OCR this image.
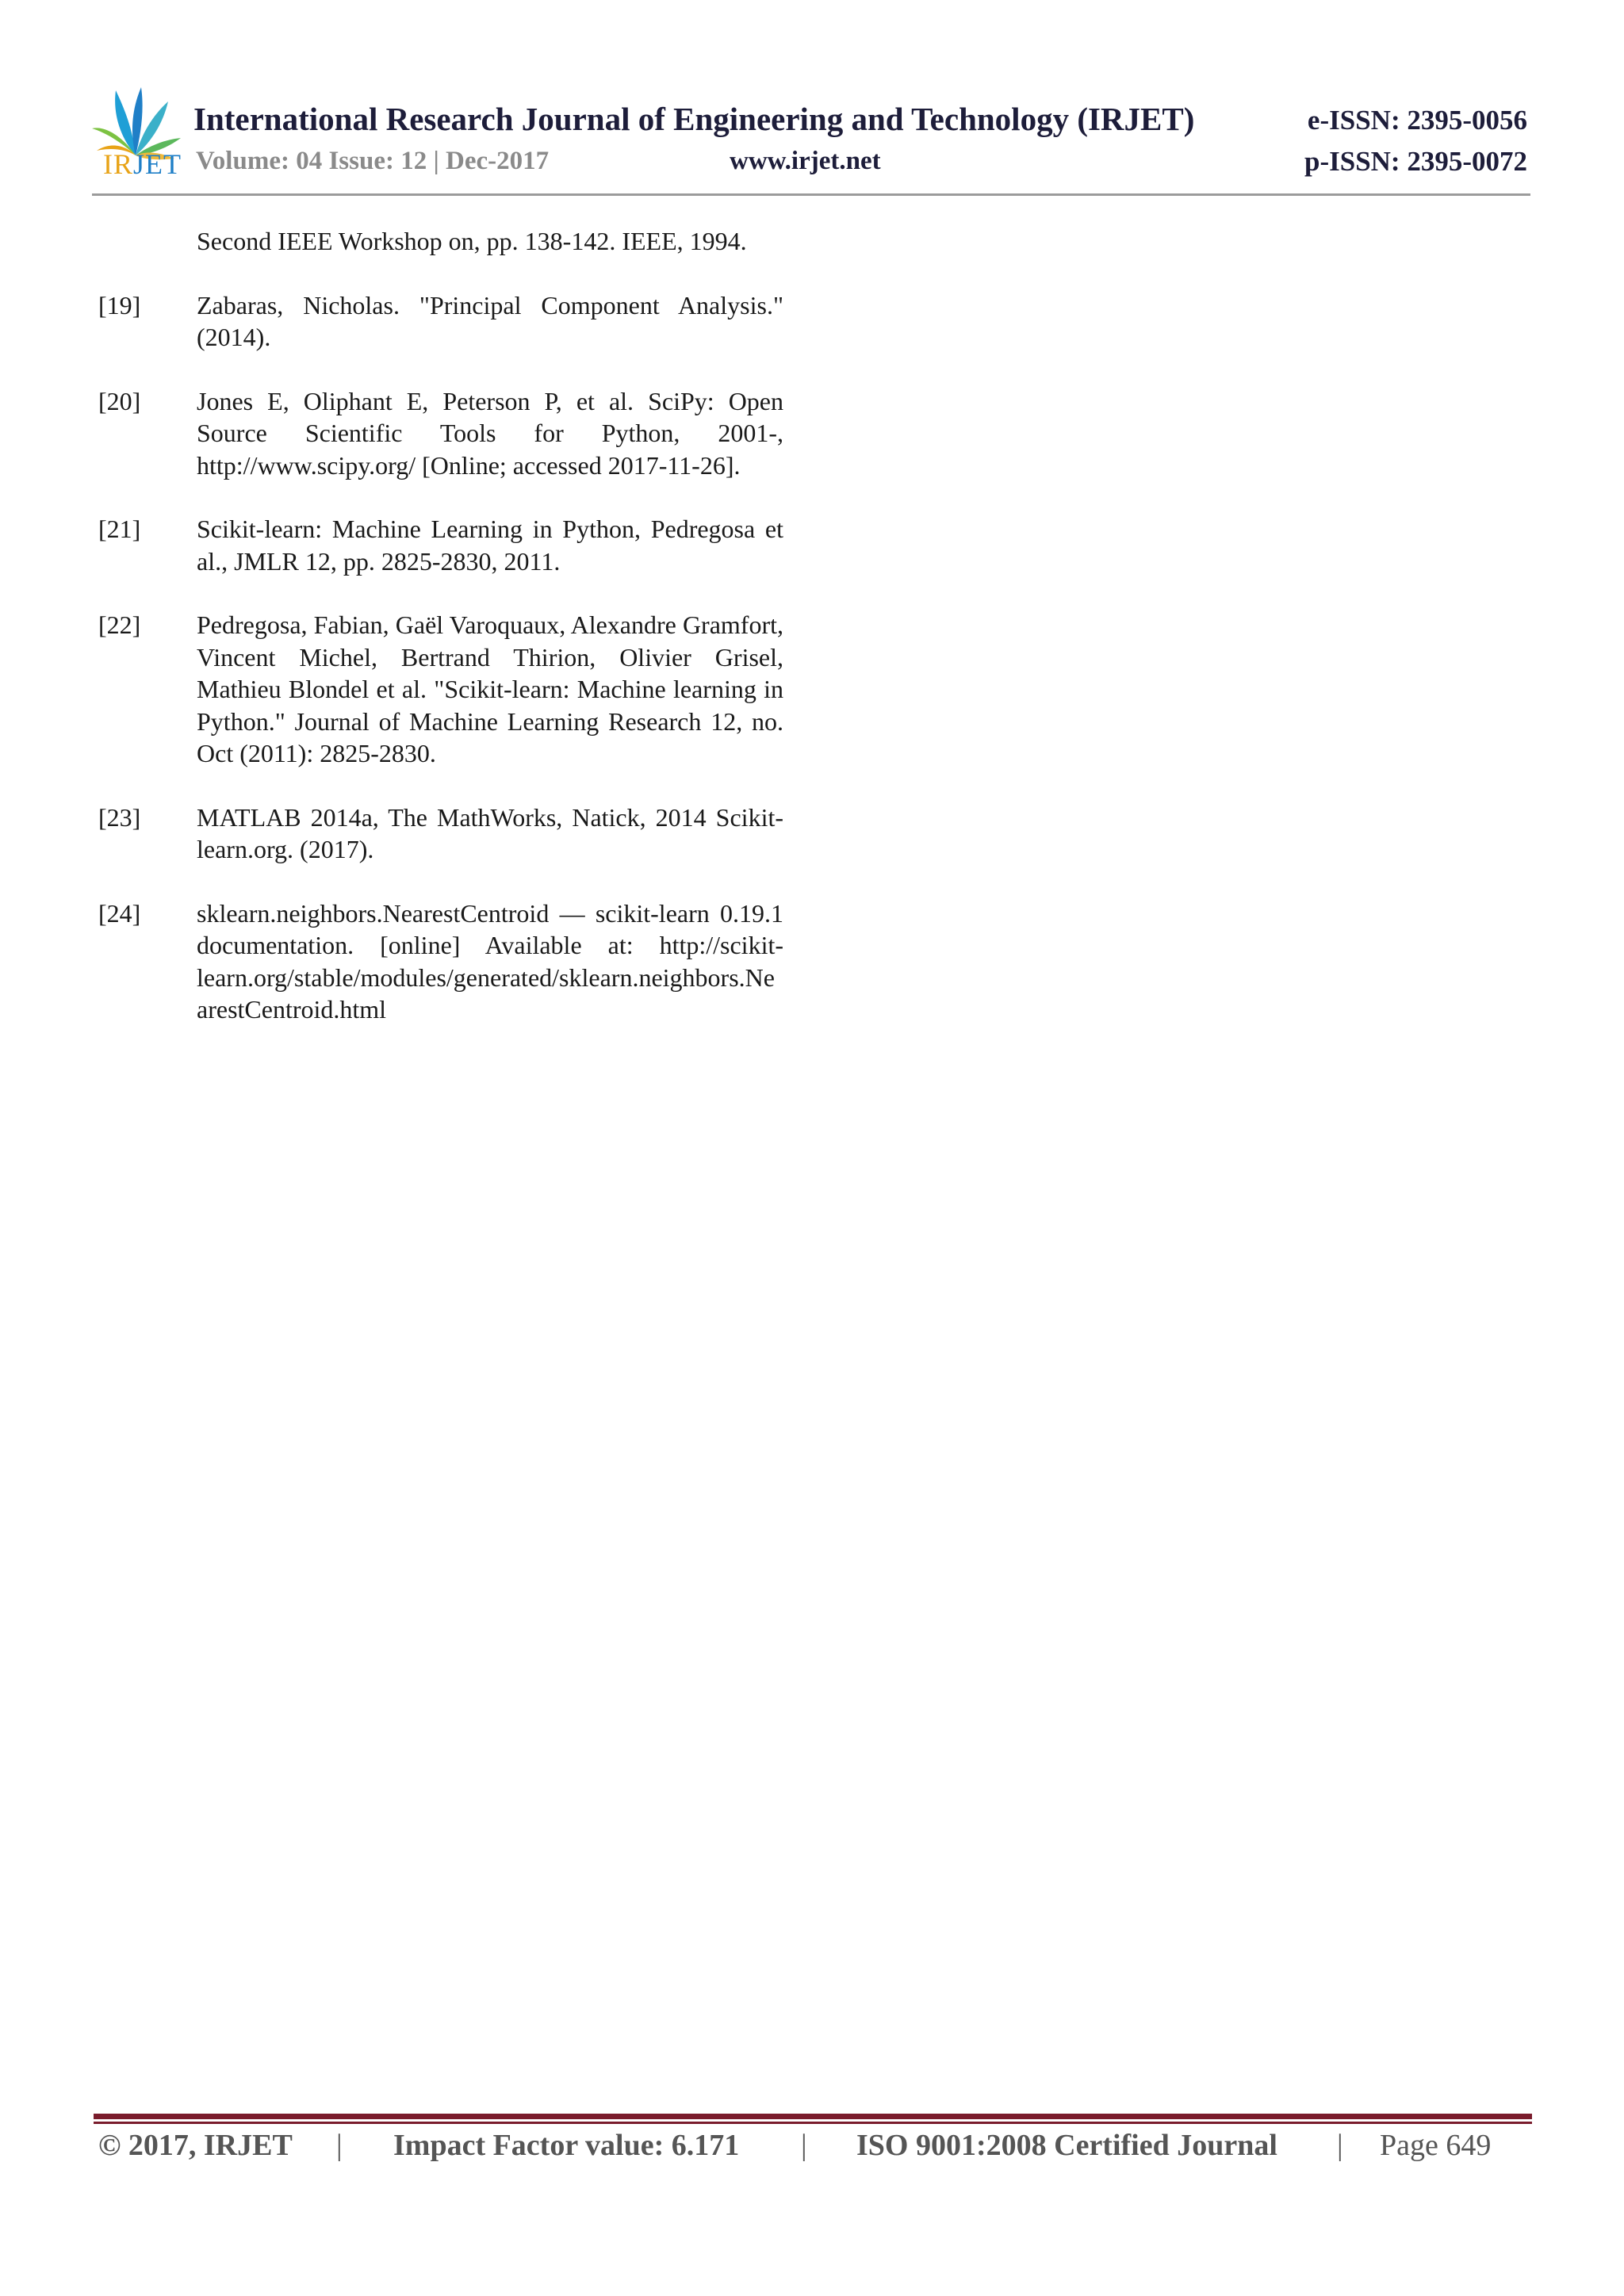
IRJET
International Research Journal of Engineering and Technology (IRJET)
Volume: 04 Issue: 12 | Dec-2017	www.irjet.net
e-ISSN: 2395-0056
p-ISSN: 2395-0072
Second IEEE Workshop on, pp. 138-142. IEEE, 1994.
[19]	Zabaras, Nicholas. "Principal Component Analysis."(2014).
[20]	Jones E, Oliphant E, Peterson P, et al. SciPy: Open Source Scientific Tools for Python, 2001-, http://www.scipy.org/ [Online; accessed 2017-11-26].
[21]	Scikit-learn: Machine Learning in Python, Pedregosa et al., JMLR 12, pp. 2825-2830, 2011.
[22]	Pedregosa, Fabian, Gaël Varoquaux, Alexandre Gramfort, Vincent Michel, Bertrand Thirion, Olivier Grisel, Mathieu Blondel et al. "Scikit-learn: Machine learning in Python." Journal of Machine Learning Research 12, no. Oct (2011): 2825-2830.
[23]	MATLAB 2014a, The MathWorks, Natick, 2014 Scikit-learn.org. (2017).
[24]	sklearn.neighbors.NearestCentroid — scikit-learn 0.19.1 documentation. [online] Available at: http://scikit-learn.org/stable/modules/generated/sklearn.neighbors.NearestCentroid.html
© 2017, IRJET | Impact Factor value: 6.171 | ISO 9001:2008 Certified Journal | Page 649
